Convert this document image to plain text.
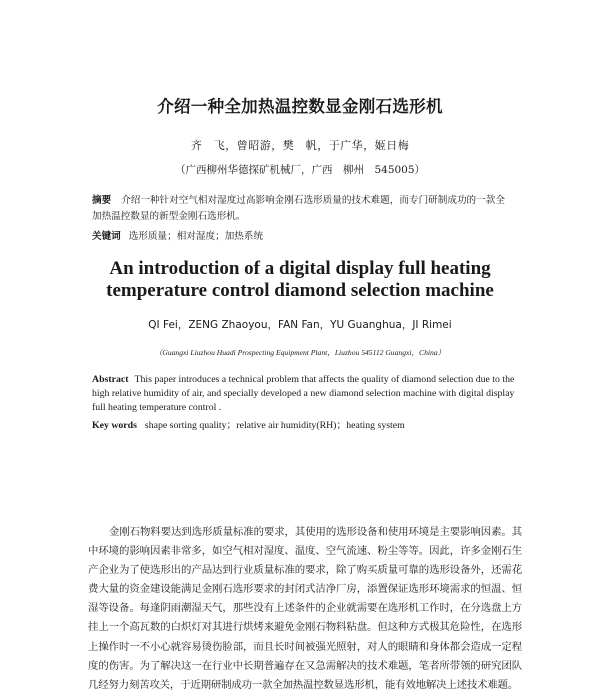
介绍一种全加热温控数显金刚石选形机
齐　飞，曾昭游，樊　帆，于广华，姬日梅
（广西柳州华德探矿机械厂，广西　柳州　545005）
摘要 介绍一种针对空气相对湿度过高影响金刚石选形质量的技术难题，而专门研制成功的一款全加热温控数显的新型金刚石选形机。
关键词 选形质量；相对湿度；加热系统
An introduction of a digital display full heating
temperature control diamond selection machine
QI Fei，ZENG Zhaoyou，FAN Fan，YU Guanghua，JI Rimei
（Guangxi Liuzhou Huadi Prospecting Equipment Plant，Liuzhou 545112 Guangxi，China）
Abstract This paper introduces a technical problem that affects the quality of diamond selection due to the high relative humidity of air, and specially developed a new diamond selection machine with digital display full heating temperature control .
Key words shape sorting quality；relative air humidity(RH)；heating system
金刚石物料要达到选形质量标准的要求，其使用的选形设备和使用环境是主要影响因素。其中环境的影响因素非常多，如空气相对湿度、温度、空气流速、粉尘等等。因此，许多金刚石生产企业为了使选形出的产品达到行业质量标准的要求，除了购买质量可靠的选形设备外，还需花费大量的资金建设能满足金刚石选形要求的封闭式洁净厂房，添置保证选形环境需求的恒温、恒湿等设备。每逢阴雨潮湿天气，那些没有上述条件的企业就需要在选形机工作时，在分选盘上方挂上一个高瓦数的白炽灯对其进行烘烤来避免金刚石物料粘盘。但这种方式极其危险性，在选形上操作时一不小心就容易烫伤脸部，而且长时间被强光照射，对人的眼睛和身体都会造成一定程度的伤害。为了解决这一在行业中长期普遍存在又急需解决的技术难题，笔者所带领的研究团队几经努力刻苦攻关，于近期研制成功一款全加热温控数显选形机，能有效地解决上述技术难题。
